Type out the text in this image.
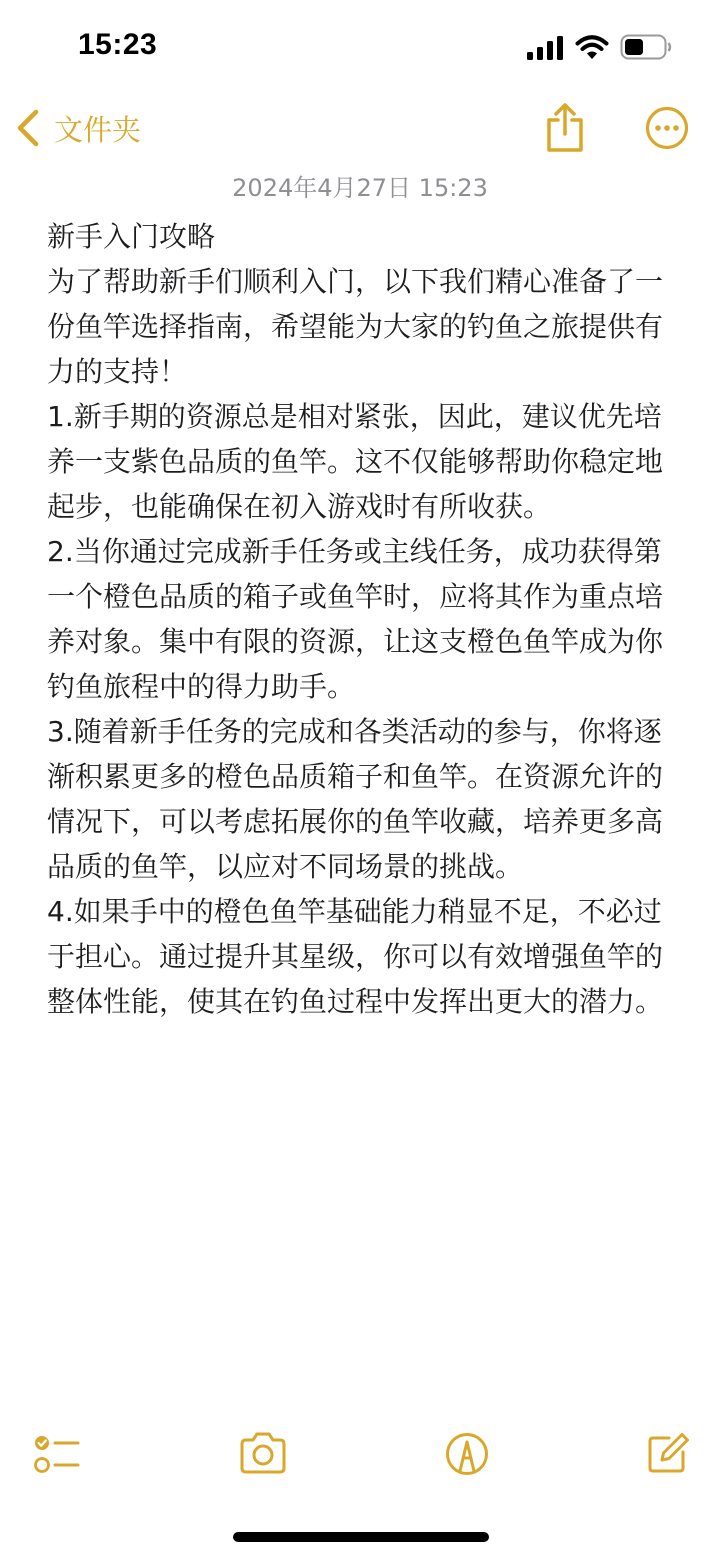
15:23
文件夹
2024年4月27日 15:23

新手入门攻略

为了帮助新手们顺利入门，以下我们精心准备了一份鱼竿选择指南，希望能为大家的钓鱼之旅提供有力的支持！

1.新手期的资源总是相对紧张，因此，建议优先培养一支紫色品质的鱼竿。这不仅能够帮助你稳定地起步，也能确保在初入游戏时有所收获。

2.当你通过完成新手任务或主线任务，成功获得第一个橙色品质的箱子或鱼竿时，应将其作为重点培养对象。集中有限的资源，让这支橙色鱼竿成为你钓鱼旅程中的得力助手。

3.随着新手任务的完成和各类活动的参与，你将逐渐积累更多的橙色品质箱子和鱼竿。在资源允许的情况下，可以考虑拓展你的鱼竿收藏，培养更多高品质的鱼竿，以应对不同场景的挑战。

4.如果手中的橙色鱼竿基础能力稍显不足，不必过于担心。通过提升其星级，你可以有效增强鱼竿的整体性能，使其在钓鱼过程中发挥出更大的潜力。
